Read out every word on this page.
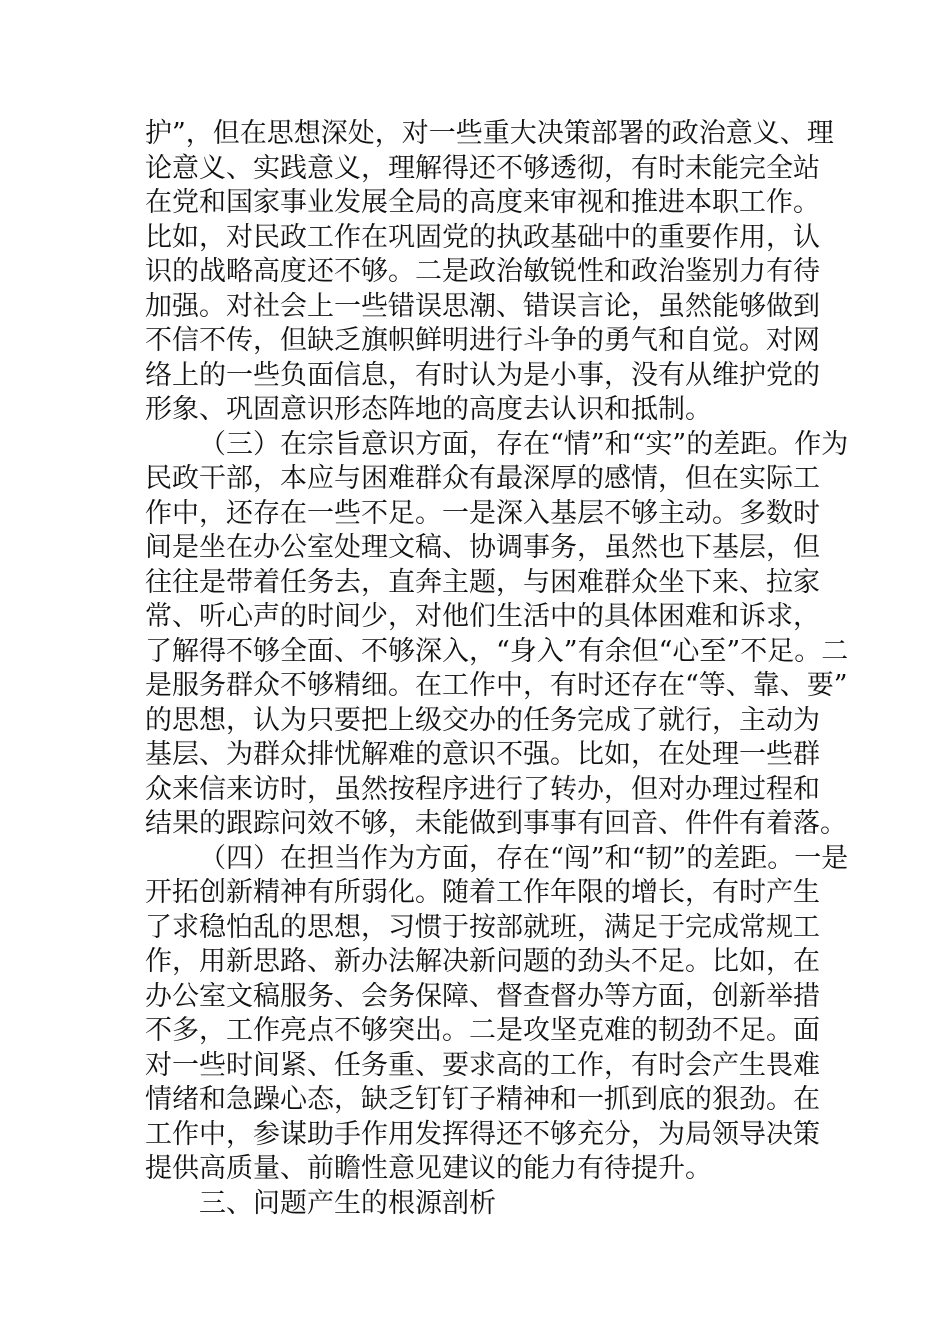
护”，但在思想深处，对一些重大决策部署的政治意义、理
论意义、实践意义，理解得还不够透彻，有时未能完全站
在党和国家事业发展全局的高度来审视和推进本职工作。
比如，对民政工作在巩固党的执政基础中的重要作用，认
识的战略高度还不够。二是政治敏锐性和政治鉴别力有待
加强。对社会上一些错误思潮、错误言论，虽然能够做到
不信不传，但缺乏旗帜鲜明进行斗争的勇气和自觉。对网
络上的一些负面信息，有时认为是小事，没有从维护党的
形象、巩固意识形态阵地的高度去认识和抵制。
（三）在宗旨意识方面，存在“情”和“实”的差距。作为
民政干部，本应与困难群众有最深厚的感情，但在实际工
作中，还存在一些不足。一是深入基层不够主动。多数时
间是坐在办公室处理文稿、协调事务，虽然也下基层，但
往往是带着任务去，直奔主题，与困难群众坐下来、拉家
常、听心声的时间少，对他们生活中的具体困难和诉求，
了解得不够全面、不够深入，“身入”有余但“心至”不足。二
是服务群众不够精细。在工作中，有时还存在“等、靠、要”
的思想，认为只要把上级交办的任务完成了就行，主动为
基层、为群众排忧解难的意识不强。比如，在处理一些群
众来信来访时，虽然按程序进行了转办，但对办理过程和
结果的跟踪问效不够，未能做到事事有回音、件件有着落。
（四）在担当作为方面，存在“闯”和“韧”的差距。一是
开拓创新精神有所弱化。随着工作年限的增长，有时产生
了求稳怕乱的思想，习惯于按部就班，满足于完成常规工
作，用新思路、新办法解决新问题的劲头不足。比如，在
办公室文稿服务、会务保障、督查督办等方面，创新举措
不多，工作亮点不够突出。二是攻坚克难的韧劲不足。面
对一些时间紧、任务重、要求高的工作，有时会产生畏难
情绪和急躁心态，缺乏钉钉子精神和一抓到底的狠劲。在
工作中，参谋助手作用发挥得还不够充分，为局领导决策
提供高质量、前瞻性意见建议的能力有待提升。
三、问题产生的根源剖析
